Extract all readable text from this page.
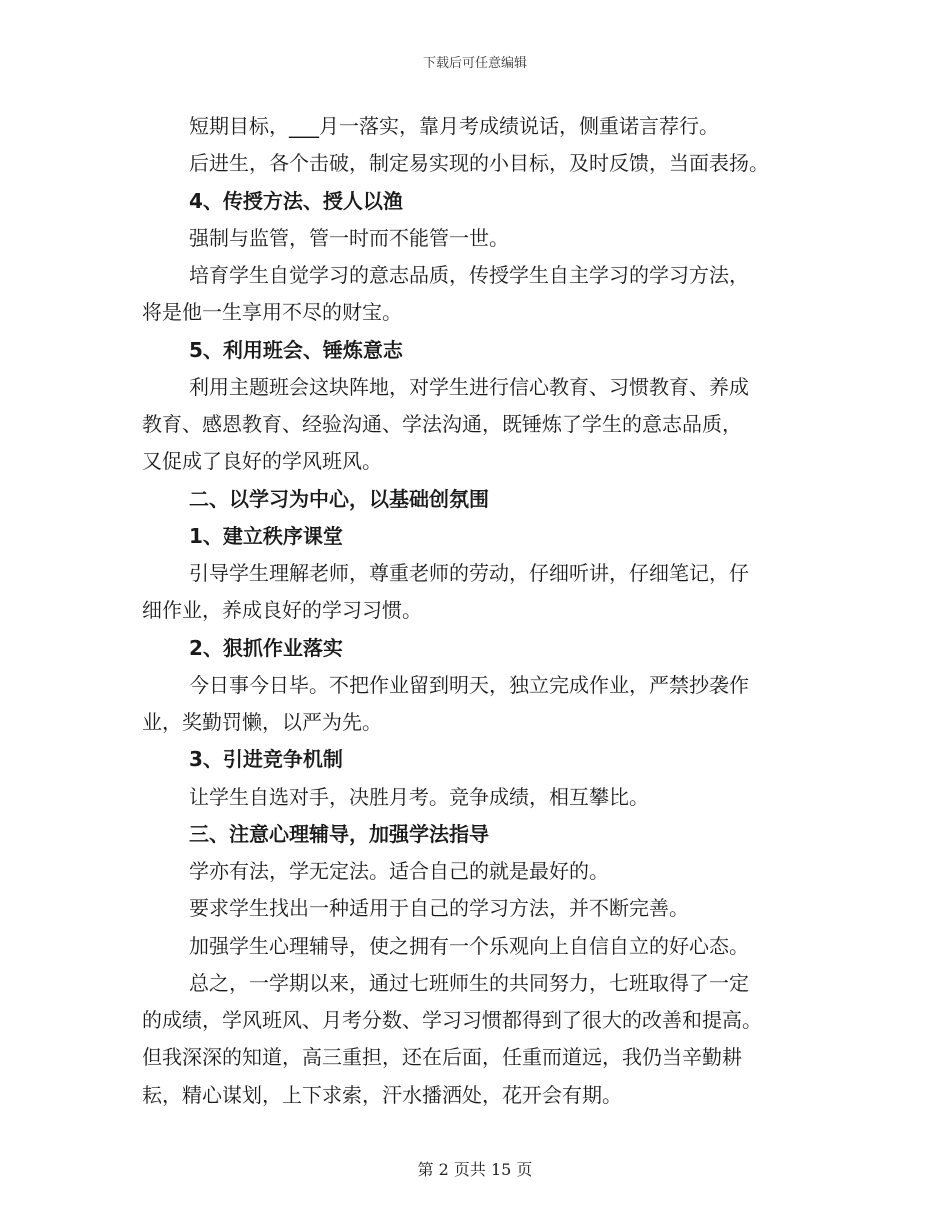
下载后可任意编辑
短期目标，___月一落实，靠月考成绩说话，侧重诺言荐行。
后进生，各个击破，制定易实现的小目标，及时反馈，当面表扬。
4、传授方法、授人以渔
强制与监管，管一时而不能管一世。
培育学生自觉学习的意志品质，传授学生自主学习的学习方法，
将是他一生享用不尽的财宝。
5、利用班会、锤炼意志
利用主题班会这块阵地，对学生进行信心教育、习惯教育、养成
教育、感恩教育、经验沟通、学法沟通，既锤炼了学生的意志品质，
又促成了良好的学风班风。
二、以学习为中心，以基础创氛围
1、建立秩序课堂
引导学生理解老师，尊重老师的劳动，仔细听讲，仔细笔记，仔
细作业，养成良好的学习习惯。
2、狠抓作业落实
今日事今日毕。不把作业留到明天，独立完成作业，严禁抄袭作
业，奖勤罚懒，以严为先。
3、引进竞争机制
让学生自选对手，决胜月考。竞争成绩，相互攀比。
三、注意心理辅导，加强学法指导
学亦有法，学无定法。适合自己的就是最好的。
要求学生找出一种适用于自己的学习方法，并不断完善。
加强学生心理辅导，使之拥有一个乐观向上自信自立的好心态。
总之，一学期以来，通过七班师生的共同努力，七班取得了一定
的成绩，学风班风、月考分数、学习习惯都得到了很大的改善和提高。
但我深深的知道，高三重担，还在后面，任重而道远，我仍当辛勤耕
耘，精心谋划，上下求索，汗水播洒处，花开会有期。
第 2 页共 15 页
